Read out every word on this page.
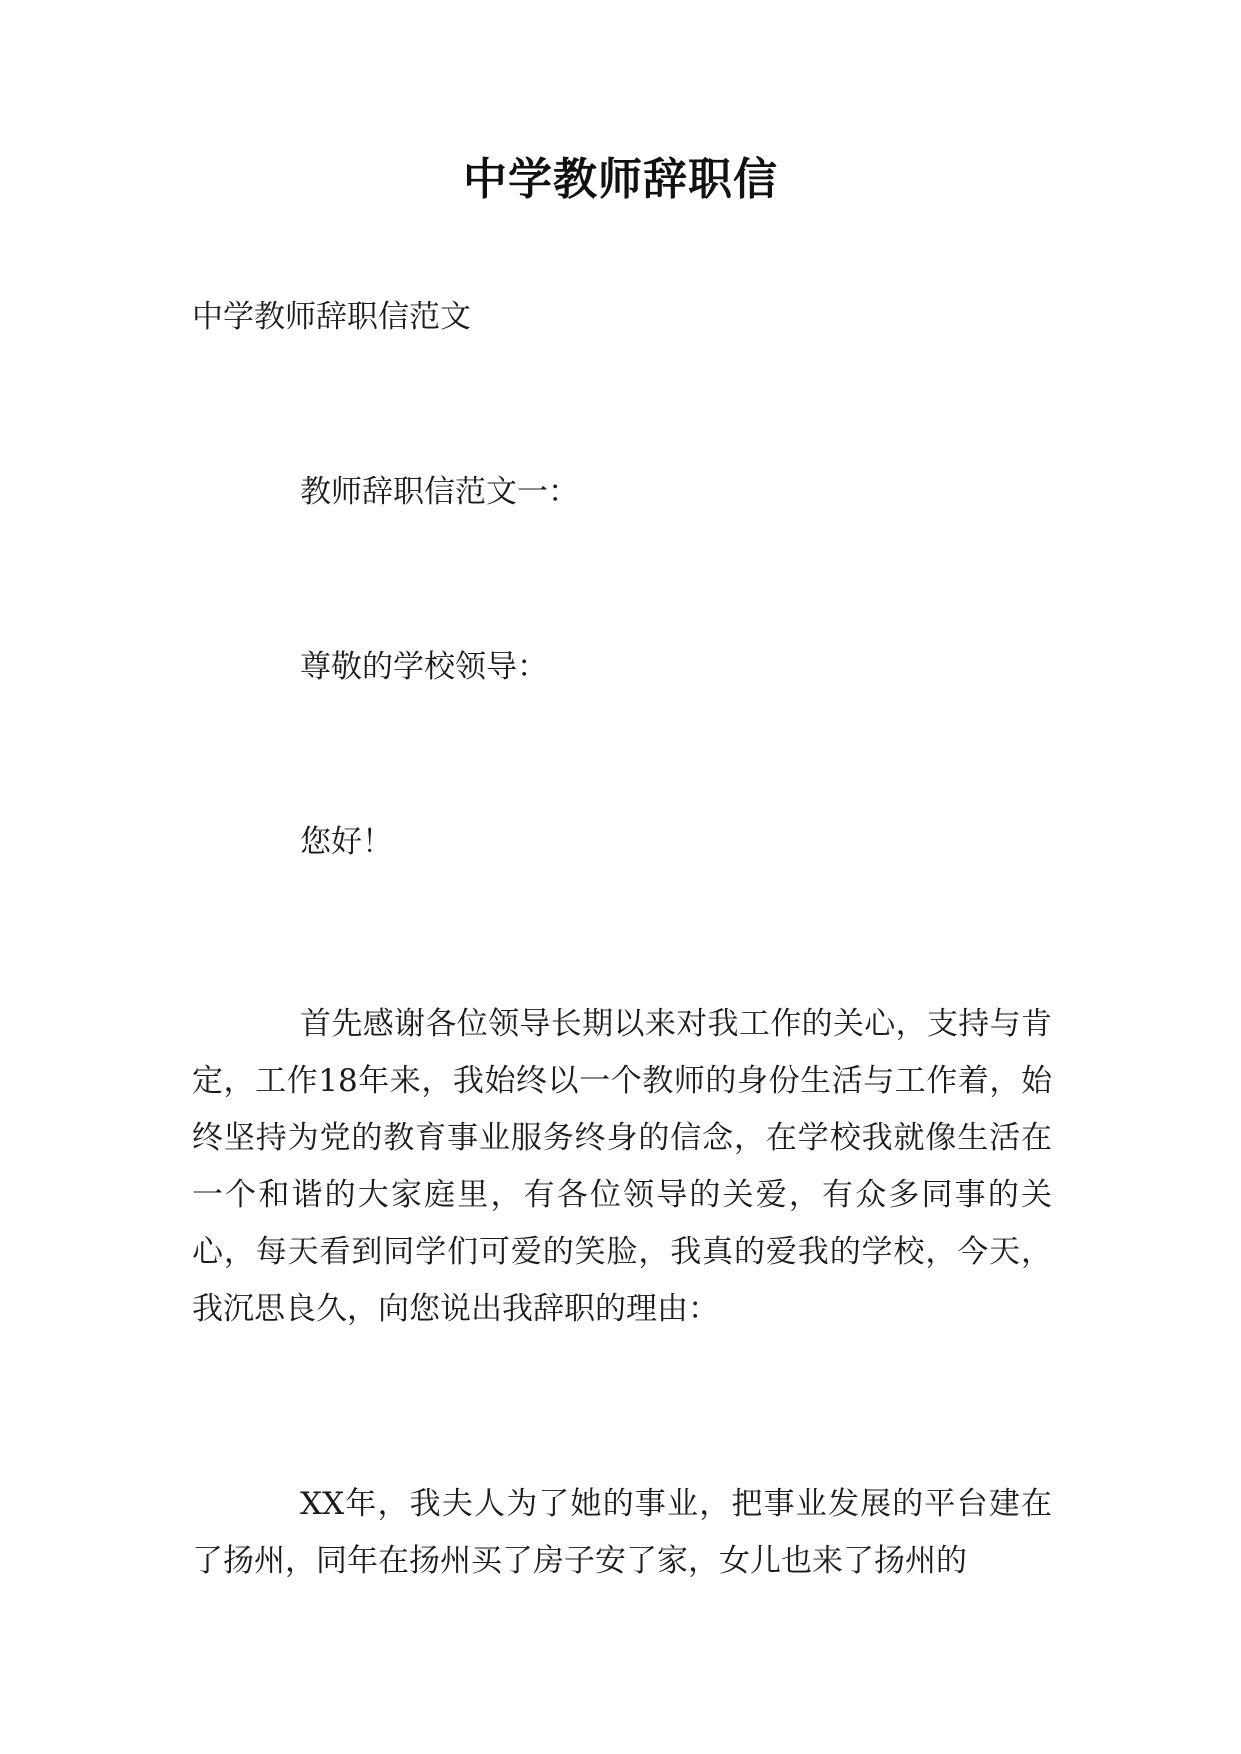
中学教师辞职信
中学教师辞职信范文
教师辞职信范文一：
尊敬的学校领导：
您好！
首先感谢各位领导长期以来对我工作的关心，支持与肯定，工作18年来，我始终以一个教师的身份生活与工作着，始终坚持为党的教育事业服务终身的信念，在学校我就像生活在一个和谐的大家庭里，有各位领导的关爱，有众多同事的关心，每天看到同学们可爱的笑脸，我真的爱我的学校，今天，我沉思良久，向您说出我辞职的理由：
XX年，我夫人为了她的事业，把事业发展的平台建在了扬州，同年在扬州买了房子安了家，女儿也来了扬州的
